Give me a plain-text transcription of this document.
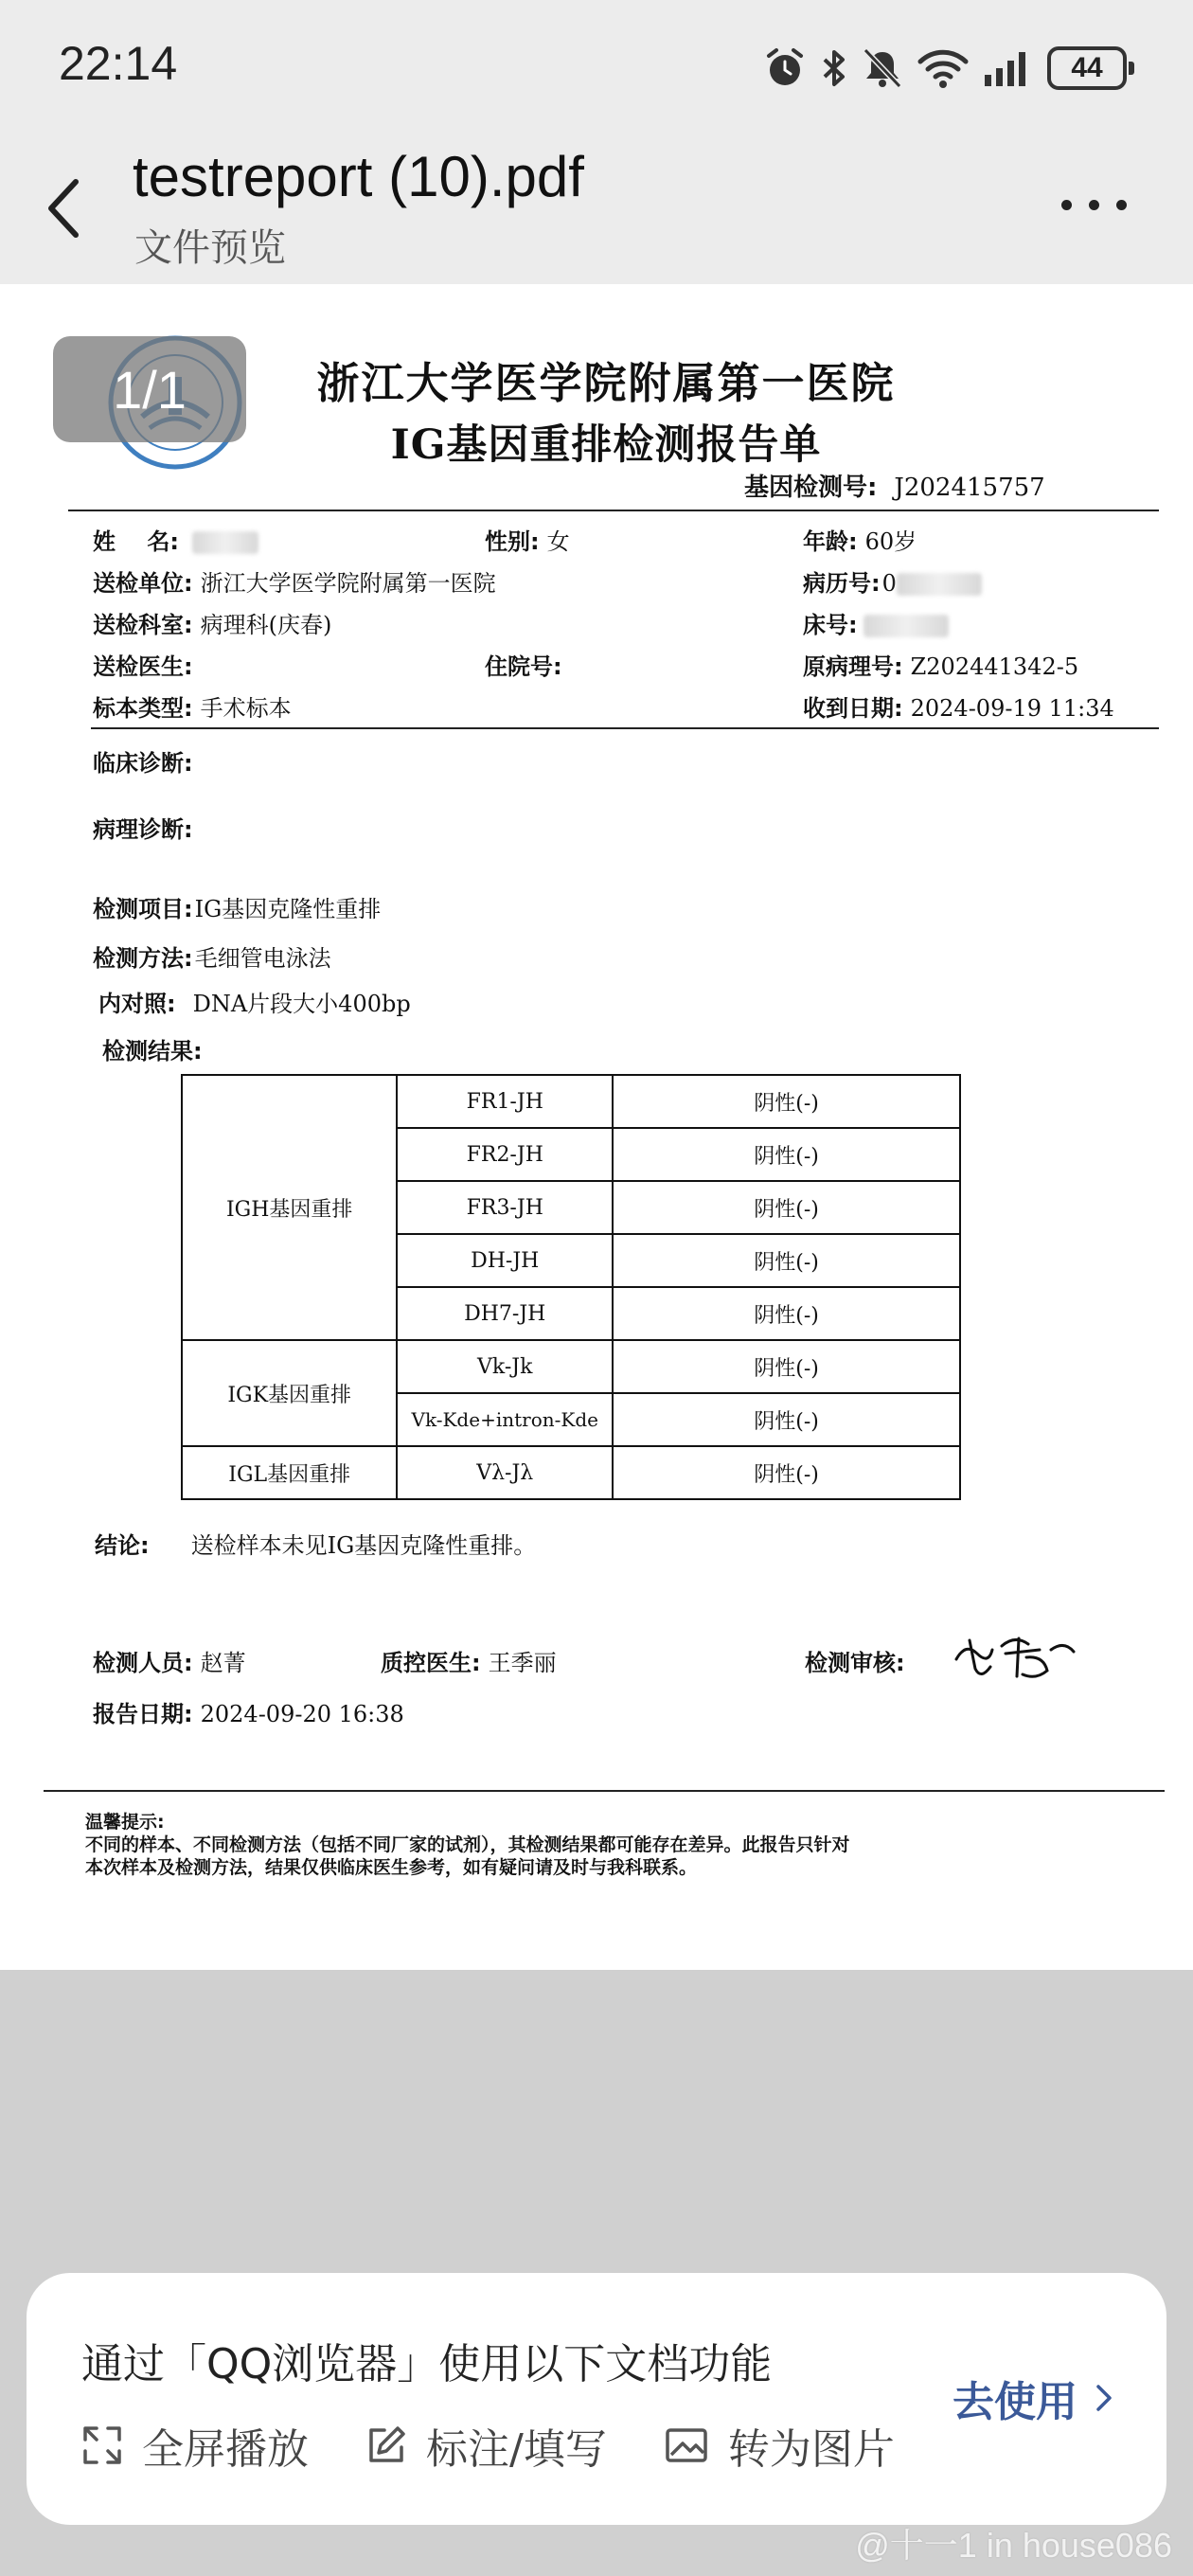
22:14	44
testreport (10).pdf
文件预览
1/1	浙江大学医学院附属第一医院
IG基因重排检测报告单
基因检测号: J202415757
姓    名:	性别: 女	年龄: 60岁
送检单位: 浙江大学医学院附属第一医院	病历号:0
送检科室: 病理科(庆春)	床号:
送检医生:	住院号:	原病理号: Z202441342-5
标本类型: 手术标本	收到日期: 2024-09-19 11:34
临床诊断:
病理诊断:
检测项目:IG基因克隆性重排
检测方法:毛细管电泳法
内对照: DNA片段大小400bp
检测结果:
IGH基因重排	FR1-JH	阴性(-)
	FR2-JH	阴性(-)
	FR3-JH	阴性(-)
	DH-JH	阴性(-)
	DH7-JH	阴性(-)
IGK基因重排	Vk-Jk	阴性(-)
	Vk-Kde+intron-Kde	阴性(-)
IGL基因重排	Vλ-Jλ	阴性(-)
结论: 送检样本未见IG基因克隆性重排。
检测人员: 赵菁	质控医生: 王季丽	检测审核:
报告日期: 2024-09-20 16:38
温馨提示:
不同的样本、不同检测方法（包括不同厂家的试剂），其检测结果都可能存在差异。此报告只针对
本次样本及检测方法，结果仅供临床医生参考，如有疑问请及时与我科联系。
通过「QQ浏览器」使用以下文档功能
全屏播放	标注/填写	转为图片
去使用
@十一1 in house086
